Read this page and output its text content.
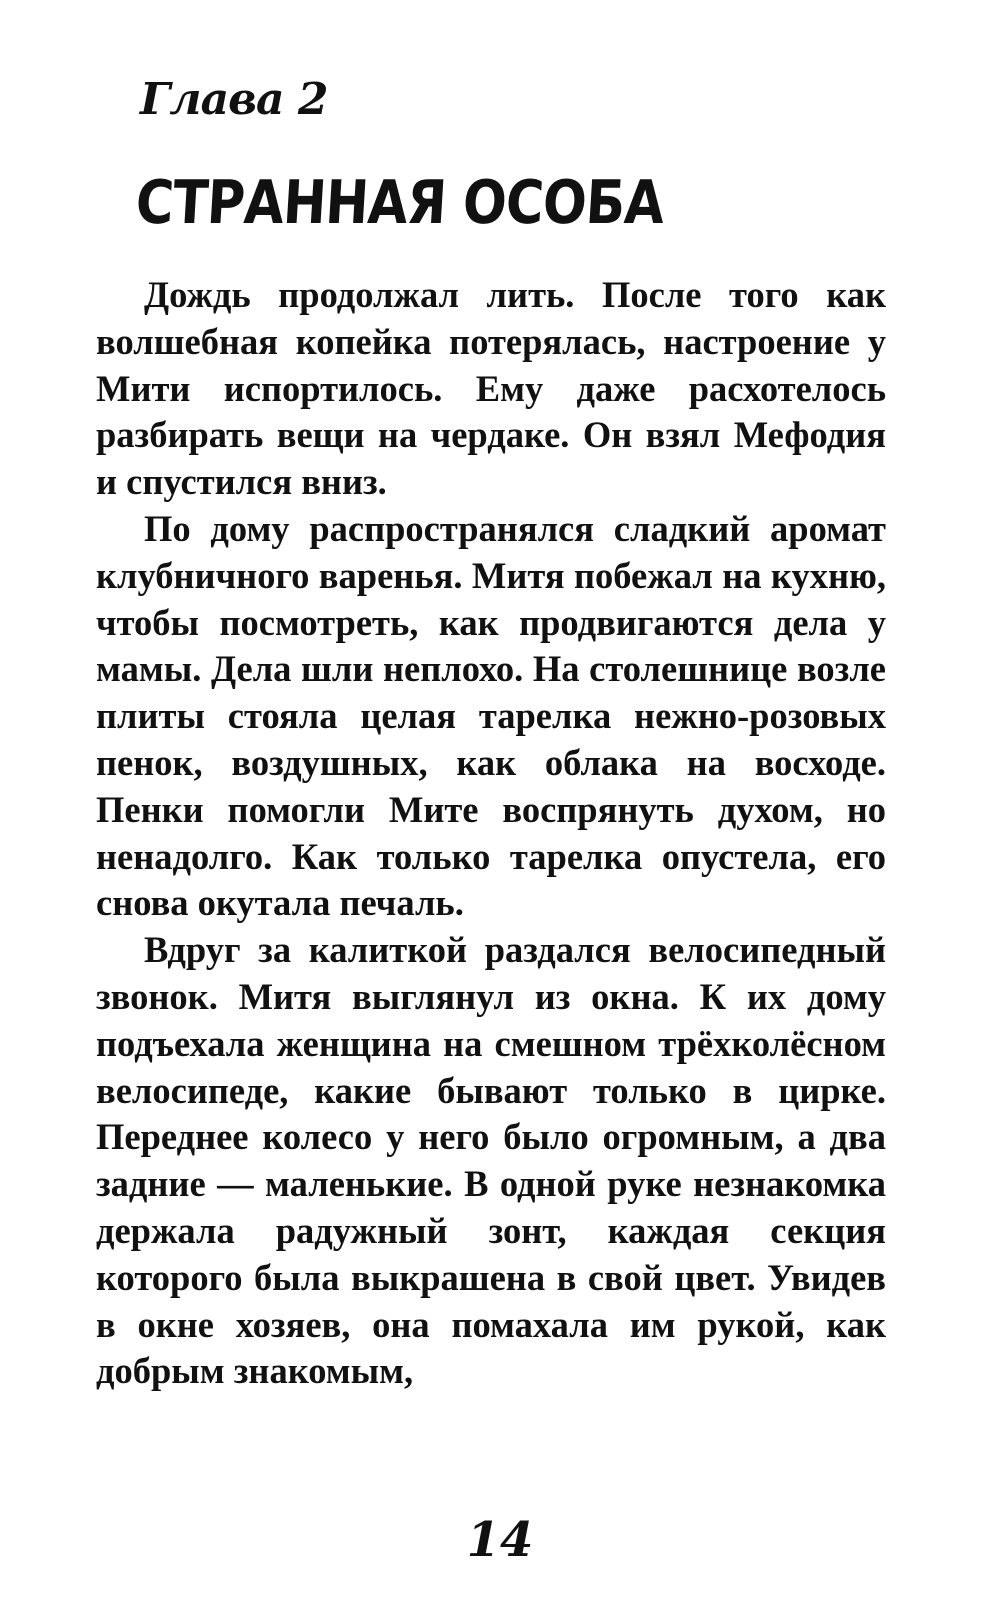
Глава 2
СТРАННАЯ ОСОБА

Дождь продолжал лить. После того как волшебная копейка потерялась, настроение у Мити испортилось. Ему даже расхотелось разбирать вещи на чердаке. Он взял Мефодия и спустился вниз.

По дому распространялся сладкий аромат клубничного варенья. Митя побежал на кухню, чтобы посмотреть, как продвигаются дела у мамы. Дела шли неплохо. На столешнице возле плиты стояла целая тарелка нежно-розовых пенок, воздушных, как облака на восходе. Пенки помогли Мите воспрянуть духом, но ненадолго. Как только тарелка опустела, его снова окутала печаль.

Вдруг за калиткой раздался велосипедный звонок. Митя выглянул из окна. К их дому подъехала женщина на смешном трёхколёсном велосипеде, какие бывают только в цирке. Переднее колесо у него было огромным, а два задние — маленькие. В одной руке незнакомка держала радужный зонт, каждая секция которого была выкрашена в свой цвет. Увидев в окне хозяев, она помахала им рукой, как добрым знакомым,

14
